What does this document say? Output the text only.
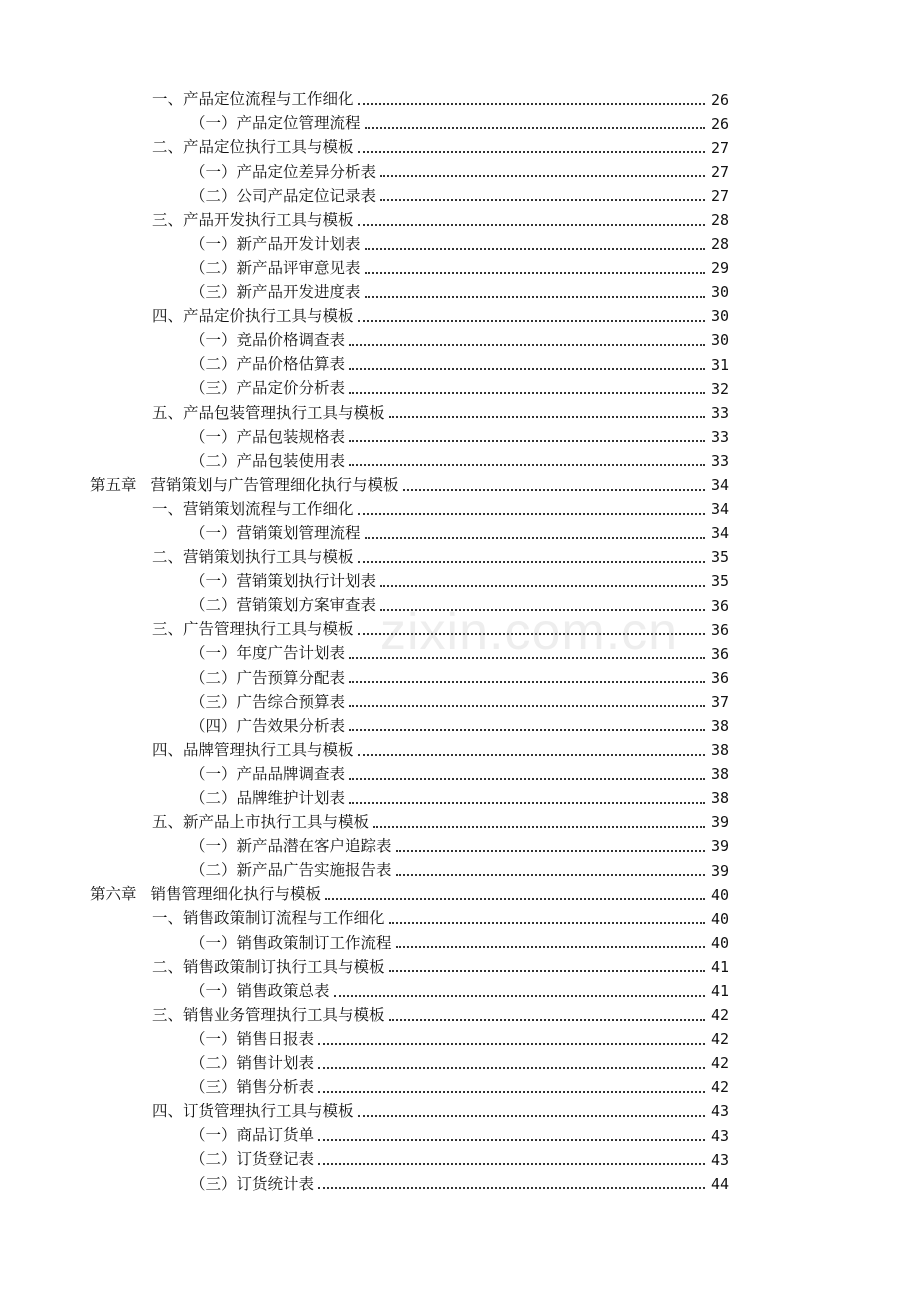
一、产品定位流程与工作细化	26
（一）产品定位管理流程	26
二、产品定位执行工具与模板	27
（一）产品定位差异分析表	27
（二）公司产品定位记录表	27
三、产品开发执行工具与模板	28
（一）新产品开发计划表	28
（二）新产品评审意见表	29
（三）新产品开发进度表	30
四、产品定价执行工具与模板	30
（一）竞品价格调查表	30
（二）产品价格估算表	31
（三）产品定价分析表	32
五、产品包装管理执行工具与模板	33
（一）产品包装规格表	33
（二）产品包装使用表	33
第五章 营销策划与广告管理细化执行与模板	34
一、营销策划流程与工作细化	34
（一）营销策划管理流程	34
二、营销策划执行工具与模板	35
（一）营销策划执行计划表	35
（二）营销策划方案审查表	36
三、广告管理执行工具与模板	36
（一）年度广告计划表	36
（二）广告预算分配表	36
（三）广告综合预算表	37
（四）广告效果分析表	38
四、品牌管理执行工具与模板	38
（一）产品品牌调查表	38
（二）品牌维护计划表	38
五、新产品上市执行工具与模板	39
（一）新产品潜在客户追踪表	39
（二）新产品广告实施报告表	39
第六章 销售管理细化执行与模板	40
一、销售政策制订流程与工作细化	40
（一）销售政策制订工作流程	40
二、销售政策制订执行工具与模板	41
（一）销售政策总表	41
三、销售业务管理执行工具与模板	42
（一）销售日报表	42
（二）销售计划表	42
（三）销售分析表	42
四、订货管理执行工具与模板	43
（一）商品订货单	43
（二）订货登记表	43
（三）订货统计表	44
zixin.com.cn
